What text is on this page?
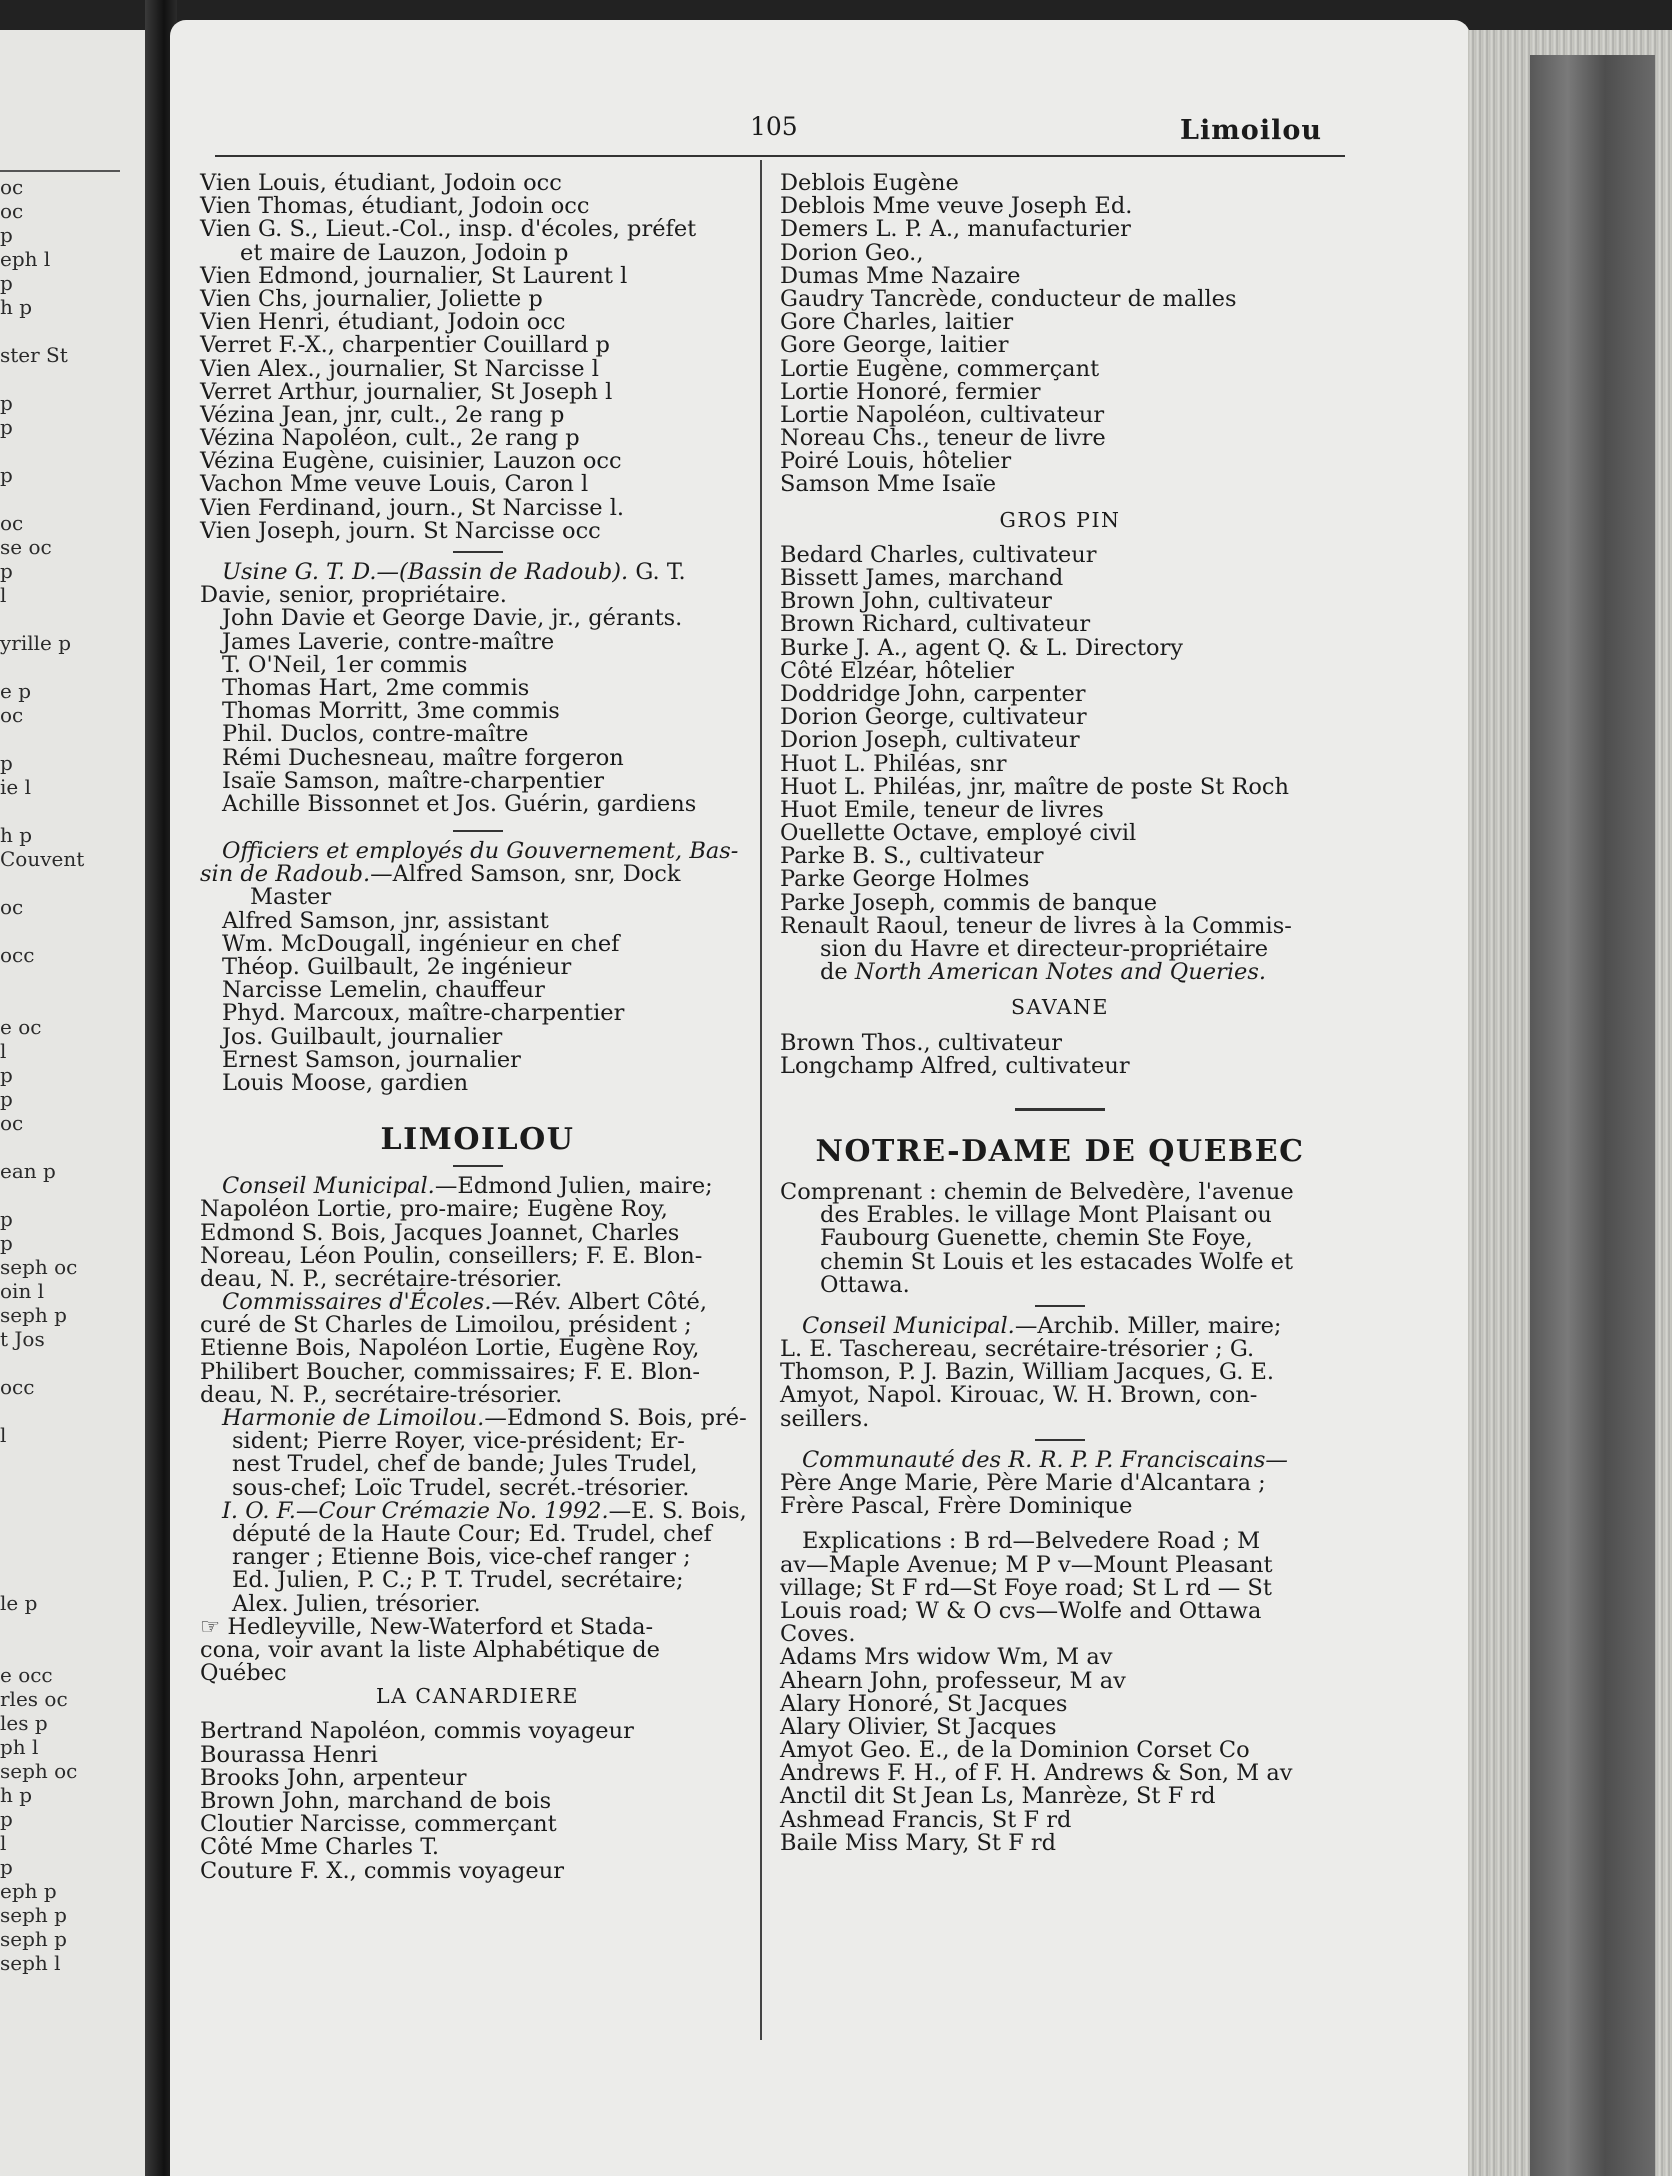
oc
oc
p
eph l
p
h p
ster St
p
p
p
oc
se oc
p
l
yrille p
e p
oc
p
ie l
h p
Couvent
oc
occ
e oc
l
p
p
oc
ean p
p
p
seph oc
oin l
seph p
t Jos
occ
l
le p
e occ
rles oc
les p
ph l
seph oc
h p
p
l
p
eph p
seph p
seph p
seph l
105	Limoilou
Vien Louis, étudiant, Jodoin occ
Vien Thomas, étudiant, Jodoin occ
Vien G. S., Lieut.-Col., insp. d'écoles, préfet
et maire de Lauzon, Jodoin p
Vien Edmond, journalier, St Laurent l
Vien Chs, journalier, Joliette p
Vien Henri, étudiant, Jodoin occ
Verret F.-X., charpentier Couillard p
Vien Alex., journalier, St Narcisse l
Verret Arthur, journalier, St Joseph l
Vézina Jean, jnr, cult., 2e rang p
Vézina Napoléon, cult., 2e rang p
Vézina Eugène, cuisinier, Lauzon occ
Vachon Mme veuve Louis, Caron l
Vien Ferdinand, journ., St Narcisse l.
Vien Joseph, journ. St Narcisse occ
Usine G. T. D.—(Bassin de Radoub). G. T.
Davie, senior, propriétaire.
John Davie et George Davie, jr., gérants.
James Laverie, contre-maître
T. O'Neil, 1er commis
Thomas Hart, 2me commis
Thomas Morritt, 3me commis
Phil. Duclos, contre-maître
Rémi Duchesneau, maître forgeron
Isaïe Samson, maître-charpentier
Achille Bissonnet et Jos. Guérin, gardiens
Officiers et employés du Gouvernement, Bas-
sin de Radoub.—Alfred Samson, snr, Dock
Master
Alfred Samson, jnr, assistant
Wm. McDougall, ingénieur en chef
Théop. Guilbault, 2e ingénieur
Narcisse Lemelin, chauffeur
Phyd. Marcoux, maître-charpentier
Jos. Guilbault, journalier
Ernest Samson, journalier
Louis Moose, gardien
LIMOILOU
Conseil Municipal.—Edmond Julien, maire;
Napoléon Lortie, pro-maire; Eugène Roy,
Edmond S. Bois, Jacques Joannet, Charles
Noreau, Léon Poulin, conseillers; F. E. Blon-
deau, N. P., secrétaire-trésorier.
Commissaires d'Écoles.—Rév. Albert Côté,
curé de St Charles de Limoilou, président ;
Etienne Bois, Napoléon Lortie, Eugène Roy,
Philibert Boucher, commissaires; F. E. Blon-
deau, N. P., secrétaire-trésorier.
Harmonie de Limoilou.—Edmond S. Bois, pré-
sident; Pierre Royer, vice-président; Er-
nest Trudel, chef de bande; Jules Trudel,
sous-chef; Loïc Trudel, secrét.-trésorier.
I. O. F.—Cour Crémazie No. 1992.—E. S. Bois,
député de la Haute Cour; Ed. Trudel, chef
ranger ; Etienne Bois, vice-chef ranger ;
Ed. Julien, P. C.; P. T. Trudel, secrétaire;
Alex. Julien, trésorier.
☞ Hedleyville, New-Waterford et Stada-
cona, voir avant la liste Alphabétique de
Québec
LA CANARDIERE
Bertrand Napoléon, commis voyageur
Bourassa Henri
Brooks John, arpenteur
Brown John, marchand de bois
Cloutier Narcisse, commerçant
Côté Mme Charles T.
Couture F. X., commis voyageur
Deblois Eugène
Deblois Mme veuve Joseph Ed.
Demers L. P. A., manufacturier
Dorion Geo.,
Dumas Mme Nazaire
Gaudry Tancrède, conducteur de malles
Gore Charles, laitier
Gore George, laitier
Lortie Eugène, commerçant
Lortie Honoré, fermier
Lortie Napoléon, cultivateur
Noreau Chs., teneur de livre
Poiré Louis, hôtelier
Samson Mme Isaïe
GROS PIN
Bedard Charles, cultivateur
Bissett James, marchand
Brown John, cultivateur
Brown Richard, cultivateur
Burke J. A., agent Q. & L. Directory
Côté Elzéar, hôtelier
Doddridge John, carpenter
Dorion George, cultivateur
Dorion Joseph, cultivateur
Huot L. Philéas, snr
Huot L. Philéas, jnr, maître de poste St Roch
Huot Emile, teneur de livres
Ouellette Octave, employé civil
Parke B. S., cultivateur
Parke George Holmes
Parke Joseph, commis de banque
Renault Raoul, teneur de livres à la Commis-
sion du Havre et directeur-propriétaire
de North American Notes and Queries.
SAVANE
Brown Thos., cultivateur
Longchamp Alfred, cultivateur
NOTRE-DAME DE QUEBEC
Comprenant : chemin de Belvedère, l'avenue
des Erables. le village Mont Plaisant ou
Faubourg Guenette, chemin Ste Foye,
chemin St Louis et les estacades Wolfe et
Ottawa.
Conseil Municipal.—Archib. Miller, maire;
L. E. Taschereau, secrétaire-trésorier ; G.
Thomson, P. J. Bazin, William Jacques, G. E.
Amyot, Napol. Kirouac, W. H. Brown, con-
seillers.
Communauté des R. R. P. P. Franciscains—
Père Ange Marie, Père Marie d'Alcantara ;
Frère Pascal, Frère Dominique
Explications : B rd—Belvedere Road ; M
av—Maple Avenue; M P v—Mount Pleasant
village; St F rd—St Foye road; St L rd — St
Louis road; W & O cvs—Wolfe and Ottawa
Coves.
Adams Mrs widow Wm, M av
Ahearn John, professeur, M av
Alary Honoré, St Jacques
Alary Olivier, St Jacques
Amyot Geo. E., de la Dominion Corset Co
Andrews F. H., of F. H. Andrews & Son, M av
Anctil dit St Jean Ls, Manrèze, St F rd
Ashmead Francis, St F rd
Baile Miss Mary, St F rd
